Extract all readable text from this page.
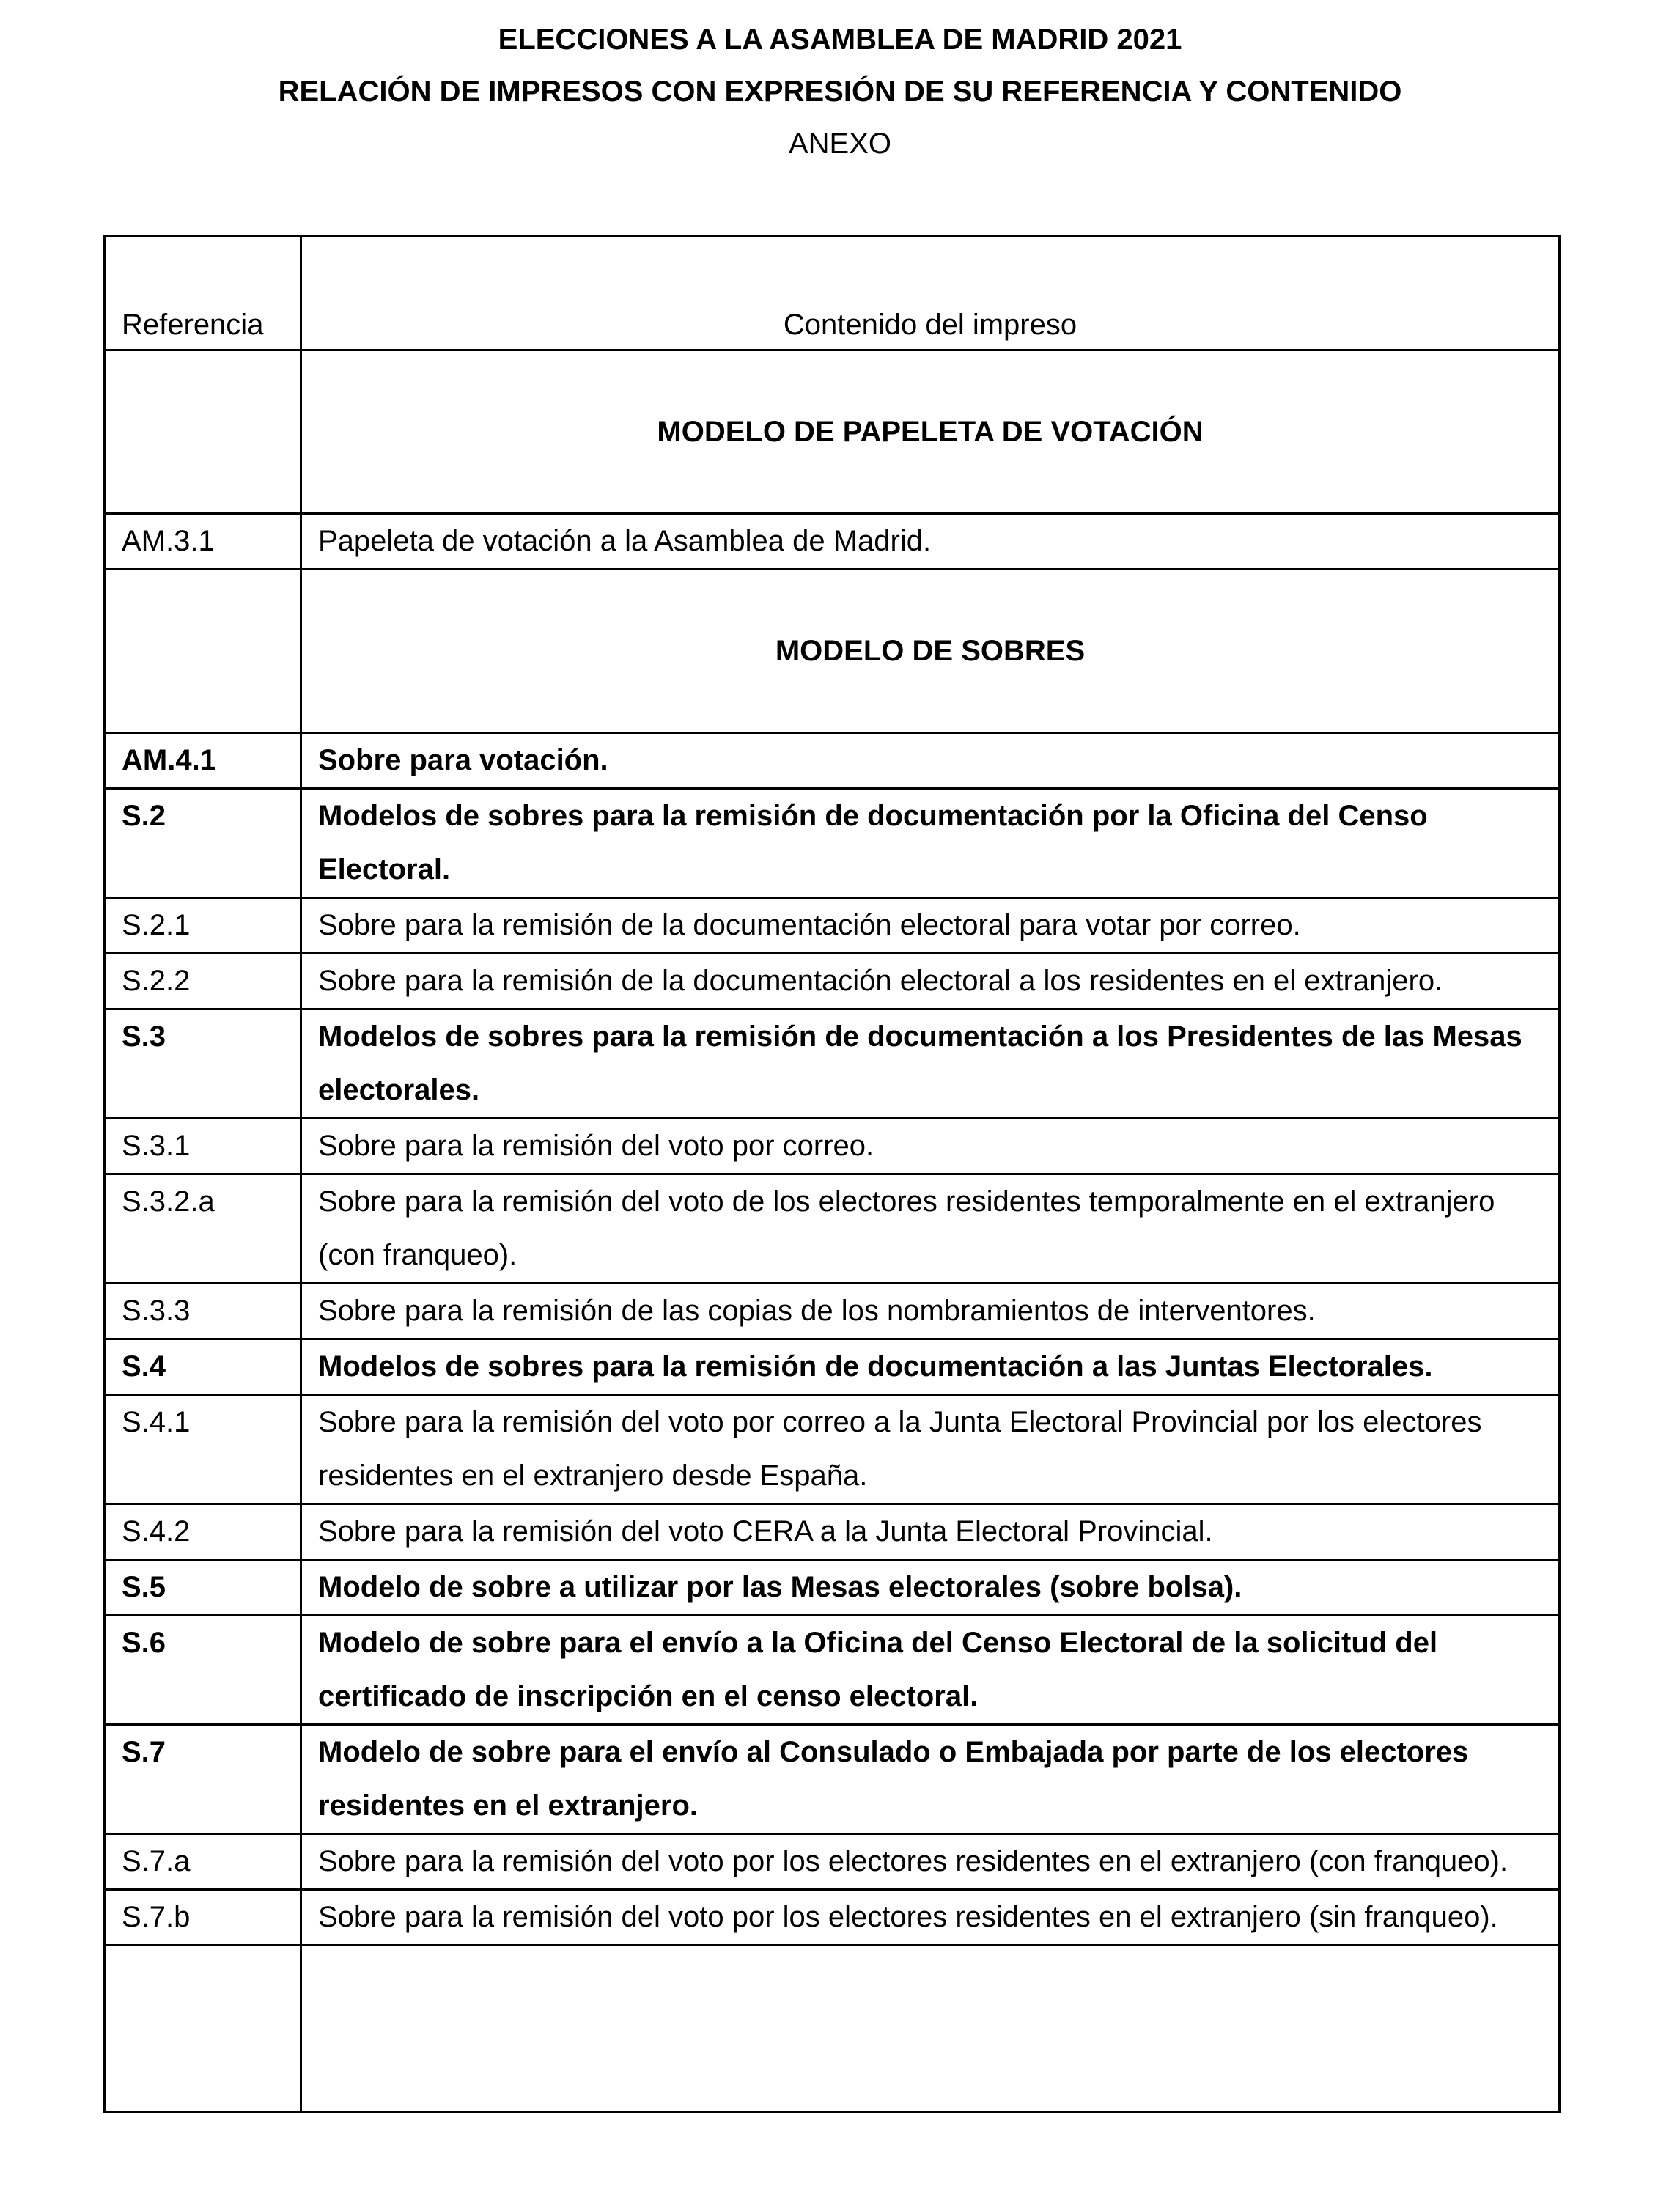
ELECCIONES A LA ASAMBLEA DE MADRID 2021
RELACIÓN DE IMPRESOS CON EXPRESIÓN DE SU REFERENCIA Y CONTENIDO
ANEXO
Referencia	Contenido del impreso
	MODELO DE PAPELETA DE VOTACIÓN
AM.3.1	Papeleta de votación a la Asamblea de Madrid.
	MODELO DE SOBRES
AM.4.1	Sobre para votación.
S.2	Modelos de sobres para la remisión de documentación por la Oficina del Censo Electoral.
S.2.1	Sobre para la remisión de la documentación electoral para votar por correo.
S.2.2	Sobre para la remisión de la documentación electoral a los residentes en el extranjero.
S.3	Modelos de sobres para la remisión de documentación a los Presidentes de las Mesas electorales.
S.3.1	Sobre para la remisión del voto por correo.
S.3.2.a	Sobre para la remisión del voto de los electores residentes temporalmente en el extranjero (con franqueo).
S.3.3	Sobre para la remisión de las copias de los nombramientos de interventores.
S.4	Modelos de sobres para la remisión de documentación a las Juntas Electorales.
S.4.1	Sobre para la remisión del voto por correo a la Junta Electoral Provincial por los electores residentes en el extranjero desde España.
S.4.2	Sobre para la remisión del voto CERA a la Junta Electoral Provincial.
S.5	Modelo de sobre a utilizar por las Mesas electorales (sobre bolsa).
S.6	Modelo de sobre para el envío a la Oficina del Censo Electoral de la solicitud del certificado de inscripción en el censo electoral.
S.7	Modelo de sobre para el envío al Consulado o Embajada por parte de los electores residentes en el extranjero.
S.7.a	Sobre para la remisión del voto por los electores residentes en el extranjero (con franqueo).
S.7.b	Sobre para la remisión del voto por los electores residentes en el extranjero (sin franqueo).
